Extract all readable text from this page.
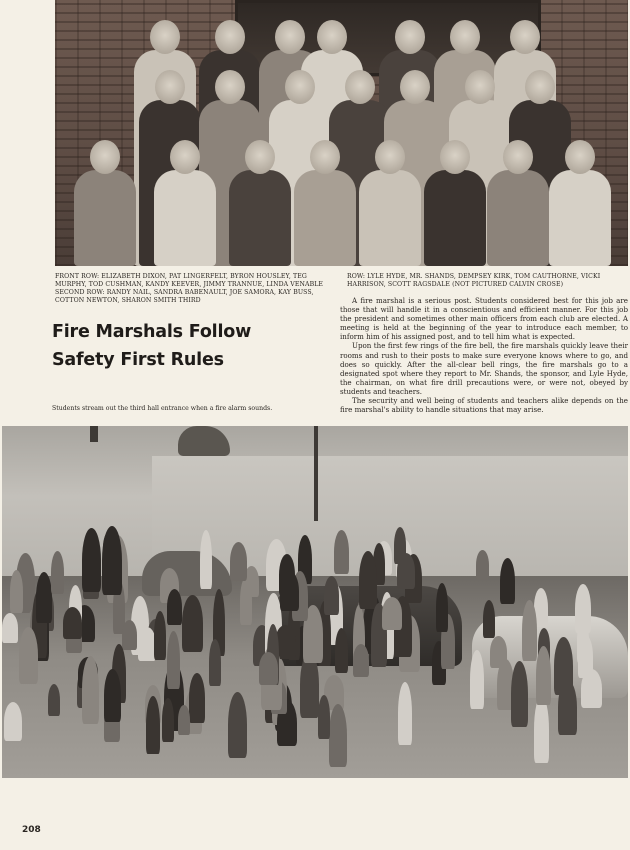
FRONT ROW: ELIZABETH DIXON, PAT LINGERFELT, BYRON HOUSLEY, TEG MURPHY, TOD CUSHMAN, KANDY KEEVER, JIMMY TRANNUE, LINDA VENABLE SECOND ROW: RANDY NAIL, SANDRA BABENAULT, JOE SAMORA, KAY BUSS, COTTON NEWTON, SHARON SMITH THIRD
ROW: LYLE HYDE, MR. SHANDS, DEMPSEY KIRK, TOM CAUTHORNE, VICKI HARRISON, SCOTT RAGSDALE (NOT PICTURED CALVIN CROSE)
Fire Marshals Follow
Safety First Rules

A fire marshal is a serious post. Students considered best for this job are those that will handle it in a conscientious and efficient manner. For this job the president and sometimes other main officers from each club are elected. A meeting is held at the beginning of the year to introduce each member, to inform him of his assigned post, and to tell him what is expected.

Upon the first few rings of the fire bell, the fire marshals quickly leave their rooms and rush to their posts to make sure everyone knows where to go, and does so quickly. After the all-clear bell rings, the fire marshals go to a designated spot where they report to Mr. Shands, the sponsor, and Lyle Hyde, the chairman, on what fire drill precautions were, or were not, obeyed by students and teachers.

The security and well being of students and teachers alike depends on the fire marshal's ability to handle situations that may arise.

Students stream out the third hall entrance when a fire alarm sounds.
208
